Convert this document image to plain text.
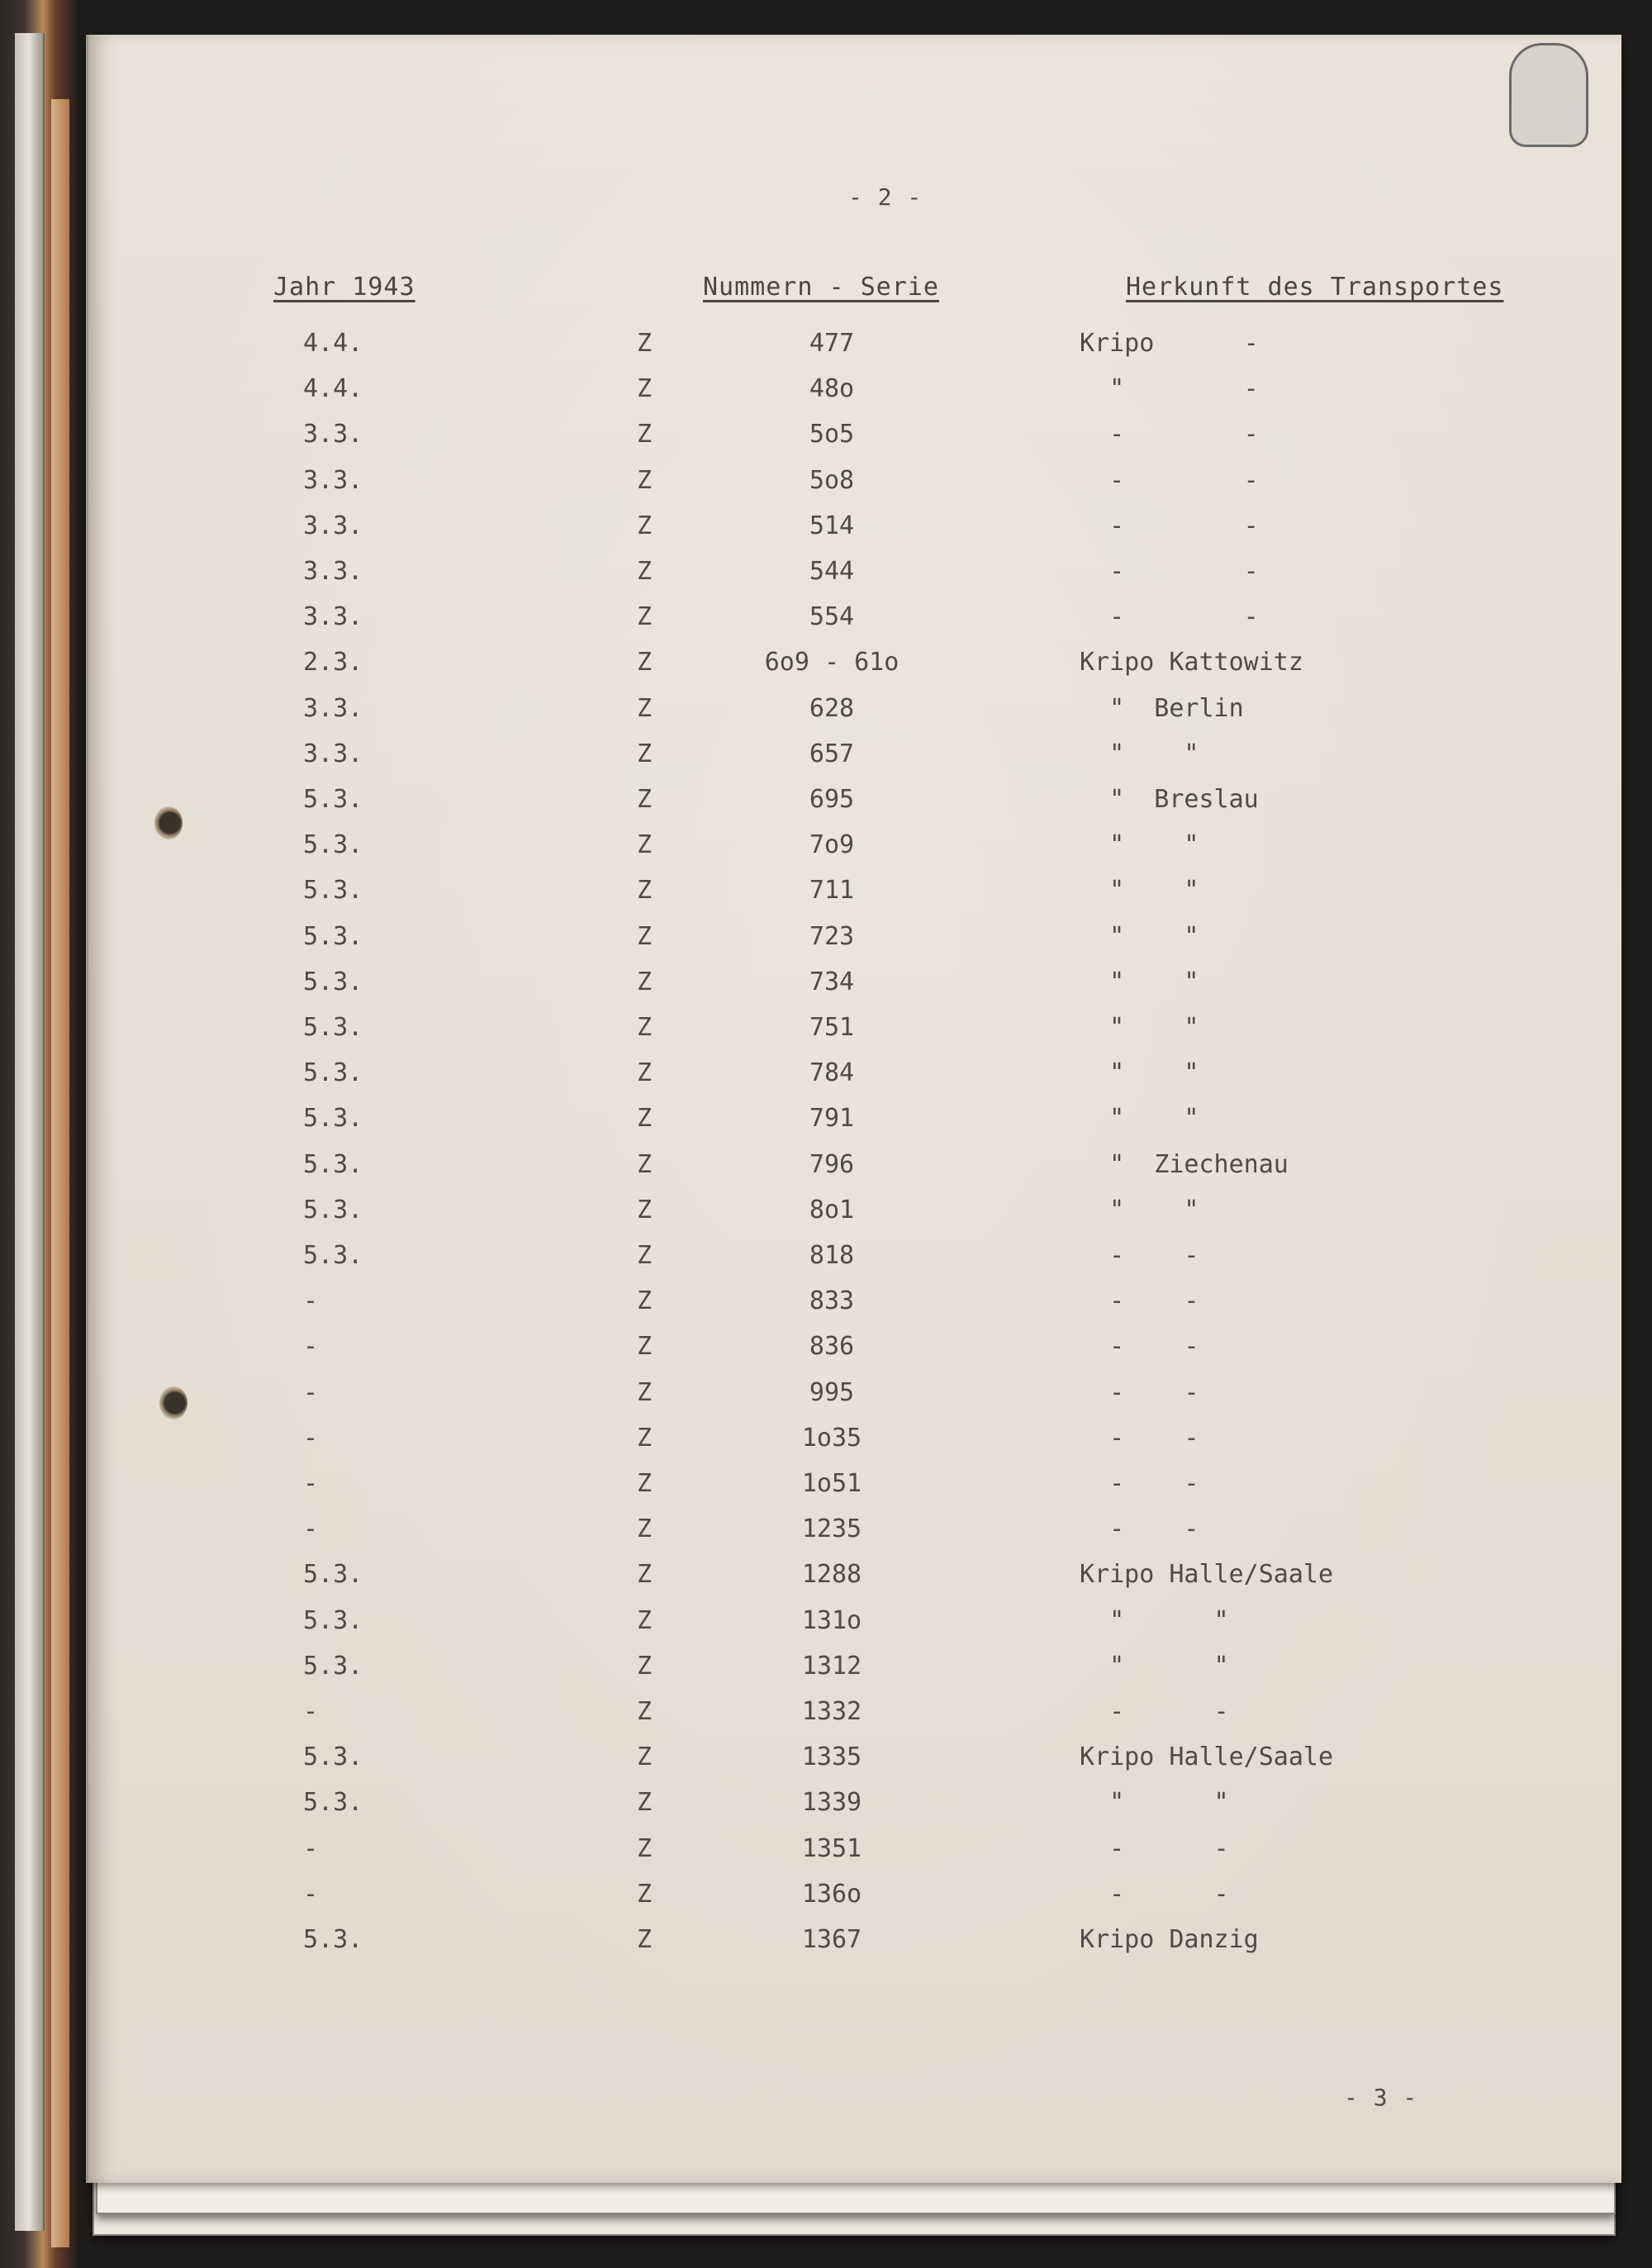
- 2 -
Jahr 1943	Nummern - Serie	Herkunft des Transportes
4.4.	Z	477	Kripo      -
4.4.	Z	48o	"        -
3.3.	Z	5o5	-        -
3.3.	Z	5o8	-        -
3.3.	Z	514	-        -
3.3.	Z	544	-        -
3.3.	Z	554	-        -
2.3.	Z	6o9 - 61o	Kripo Kattowitz
3.3.	Z	628	"  Berlin
3.3.	Z	657	"    "
5.3.	Z	695	"  Breslau
5.3.	Z	7o9	"    "
5.3.	Z	711	"    "
5.3.	Z	723	"    "
5.3.	Z	734	"    "
5.3.	Z	751	"    "
5.3.	Z	784	"    "
5.3.	Z	791	"    "
5.3.	Z	796	"  Ziechenau
5.3.	Z	8o1	"    "
5.3.	Z	818	-    -
-	Z	833	-    -
-	Z	836	-    -
-	Z	995	-    -
-	Z	1o35	-    -
-	Z	1o51	-    -
-	Z	1235	-    -
5.3.	Z	1288	Kripo Halle/Saale
5.3.	Z	131o	"      "
5.3.	Z	1312	"      "
-	Z	1332	-      -
5.3.	Z	1335	Kripo Halle/Saale
5.3.	Z	1339	"      "
-	Z	1351	-      -
-	Z	136o	-      -
5.3.	Z	1367	Kripo Danzig
- 3 -
